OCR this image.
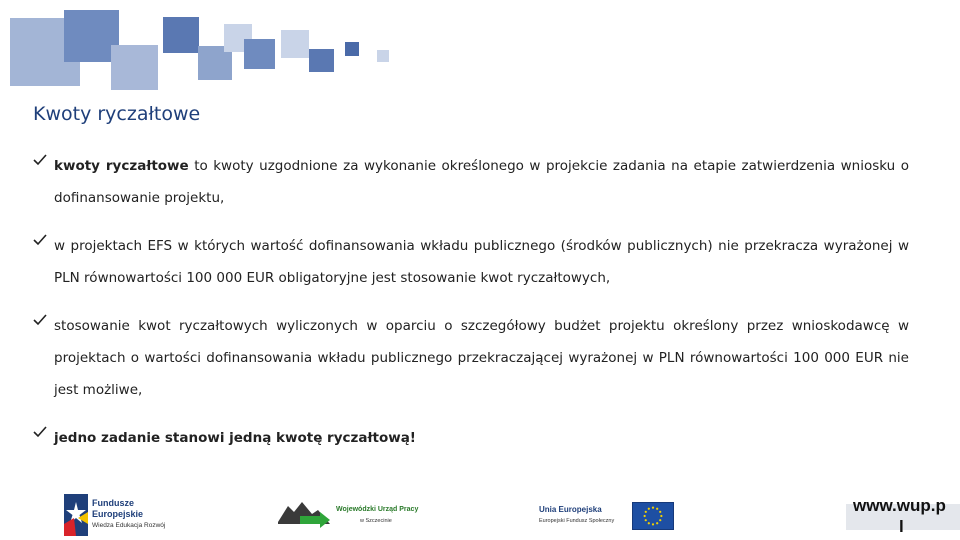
Kwoty ryczałtowe

kwoty ryczałtowe to kwoty uzgodnione za wykonanie określonego w projekcie zadania na etapie zatwierdzenia wniosku o dofinansowanie projektu,

w projektach EFS w których wartość dofinansowania wkładu publicznego (środków publicznych) nie przekracza wyrażonej w PLN równowartości 100 000 EUR obligatoryjne jest stosowanie kwot ryczałtowych,

stosowanie kwot ryczałtowych wyliczonych w oparciu o szczegółowy budżet projektu określony przez wnioskodawcę w projektach o wartości dofinansowania wkładu publicznego przekraczającej wyrażonej w PLN równowartości 100 000 EUR nie jest możliwe,

jedno zadanie stanowi jedną kwotę ryczałtową!

Fundusze
Europejskie
Wiedza Edukacja Rozwój
Wojewódzki Urząd Pracy
w Szczecinie
Unia Europejska
Europejski Fundusz Społeczny
www.wup.p
l
